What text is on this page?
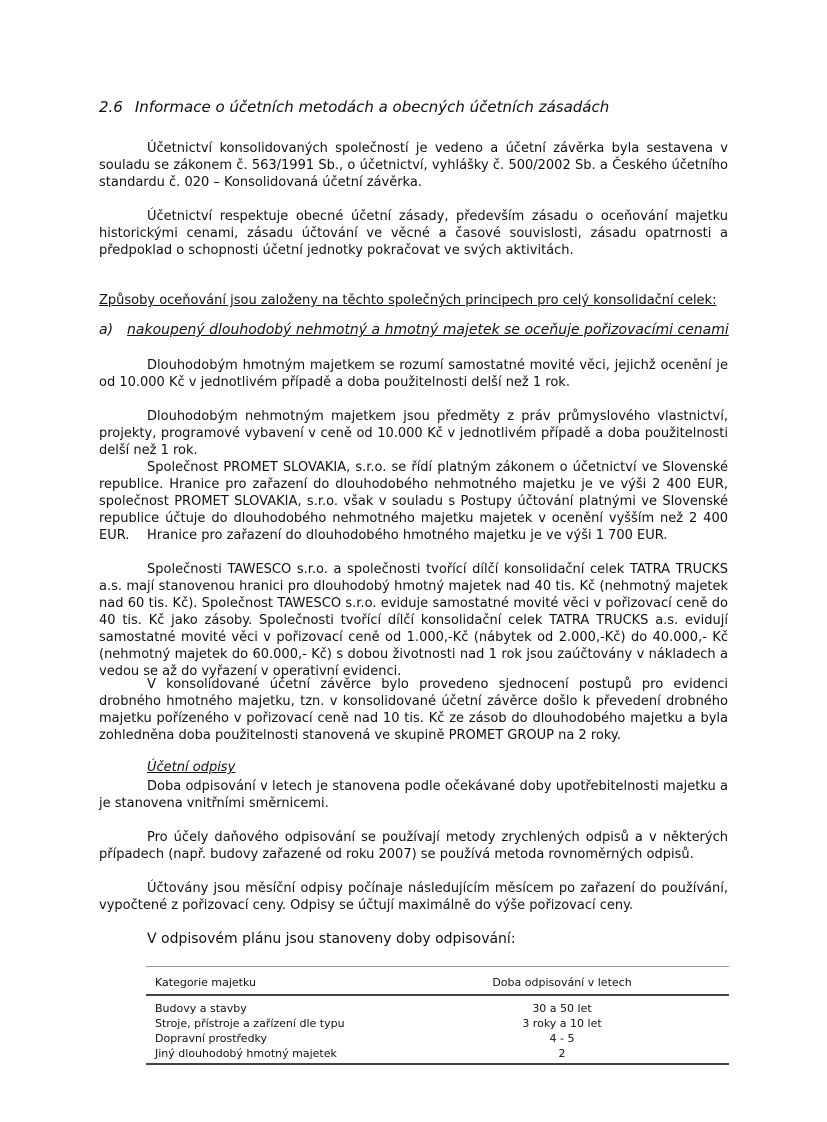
2.6 Informace o účetních metodách a obecných účetních zásadách

Účetnictví konsolidovaných společností je vedeno a účetní závěrka byla sestavena v souladu se zákonem č. 563/1991 Sb., o účetnictví, vyhlášky č. 500/2002 Sb. a Českého účetního standardu č. 020 – Konsolidovaná účetní závěrka.

Účetnictví respektuje obecné účetní zásady, především zásadu o oceňování majetku historickými cenami, zásadu účtování ve věcné a časové souvislosti, zásadu opatrnosti a předpoklad o schopnosti účetní jednotky pokračovat ve svých aktivitách.

Způsoby oceňování jsou založeny na těchto společných principech pro celý konsolidační celek:

a) nakoupený dlouhodobý nehmotný a hmotný majetek se oceňuje pořizovacími cenami

Dlouhodobým hmotným majetkem se rozumí samostatné movité věci, jejichž ocenění je od 10.000 Kč v jednotlivém případě a doba použitelnosti delší než 1 rok.

Dlouhodobým nehmotným majetkem jsou předměty z práv průmyslového vlastnictví, projekty, programové vybavení v ceně od 10.000 Kč v jednotlivém případě a doba použitelnosti delší než 1 rok.

Společnost PROMET SLOVAKIA, s.r.o. se řídí platným zákonem o účetnictví ve Slovenské republice. Hranice pro zařazení do dlouhodobého nehmotného majetku je ve výši 2 400 EUR, společnost PROMET SLOVAKIA, s.r.o. však v souladu s Postupy účtování platnými ve Slovenské republice účtuje do dlouhodobého nehmotného majetku majetek v ocenění vyšším než 2 400 EUR.	Hranice pro zařazení do dlouhodobého hmotného majetku je ve výši 1 700 EUR.

Společnosti TAWESCO s.r.o. a společnosti tvořící dílčí konsolidační celek TATRA TRUCKS a.s. mají stanovenou hranici pro dlouhodobý hmotný majetek nad 40 tis. Kč (nehmotný majetek nad 60 tis. Kč). Společnost TAWESCO s.r.o. eviduje samostatné movité věci v pořizovací ceně do 40 tis. Kč jako zásoby. Společnosti tvořící dílčí konsolidační celek TATRA TRUCKS a.s. evidují samostatné movité věci v pořizovací ceně od 1.000,-Kč (nábytek od 2.000,-Kč) do 40.000,- Kč (nehmotný majetek do 60.000,- Kč) s dobou životnosti nad 1 rok jsou zaúčtovány v nákladech a vedou se až do vyřazení v operativní evidenci.

V konsolidované účetní závěrce bylo provedeno sjednocení postupů pro evidenci drobného hmotného majetku, tzn. v konsolidované účetní závěrce došlo k převedení drobného majetku pořízeného v pořizovací ceně nad 10 tis. Kč ze zásob do dlouhodobého majetku a byla zohledněna doba použitelnosti stanovená ve skupině PROMET GROUP na 2 roky.

Účetní odpisy

Doba odpisování v letech je stanovena podle očekávané doby upotřebitelnosti majetku a je stanovena vnitřními směrnicemi.

Pro účely daňového odpisování se používají metody zrychlených odpisů a v některých případech (např. budovy zařazené od roku 2007) se používá metoda rovnoměrných odpisů.

Účtovány jsou měsíční odpisy počínaje následujícím měsícem po zařazení do používání, vypočtené z pořizovací ceny. Odpisy se účtují maximálně do výše pořizovací ceny.

V odpisovém plánu jsou stanoveny doby odpisování:

Kategorie majetku	Doba odpisování v letech
Budovy a stavby	30 a 50 let
Stroje, přístroje a zařízení dle typu	3 roky a 10 let
Dopravní prostředky	4 - 5
Jiný dlouhodobý hmotný majetek	2
